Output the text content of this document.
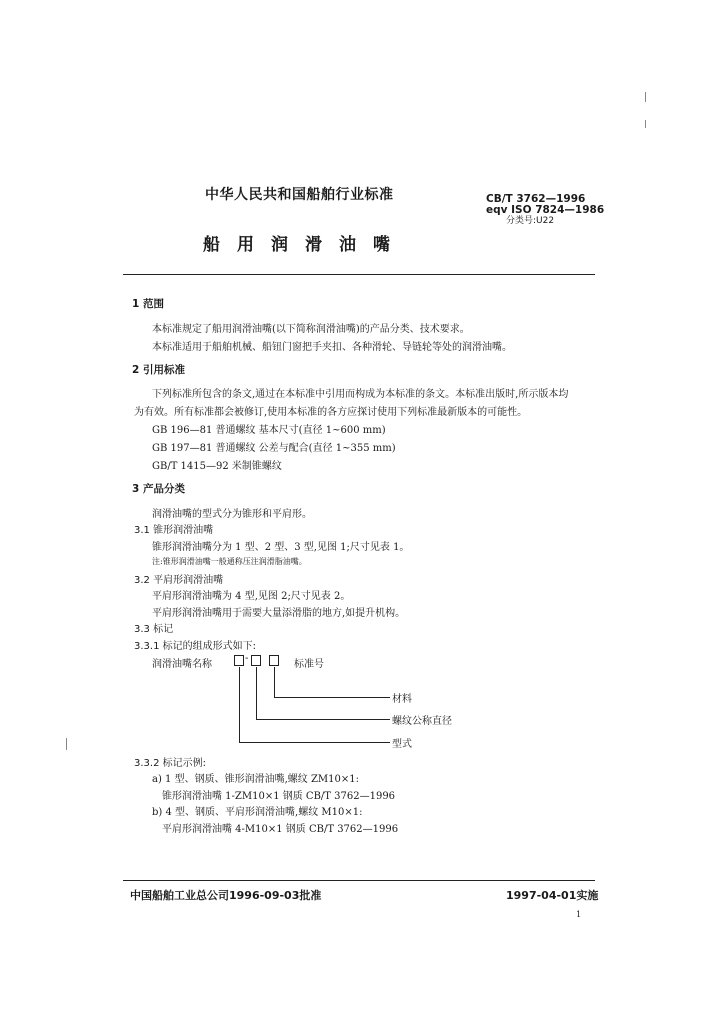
中华人民共和国船舶行业标准
船用润滑油嘴
CB/T 3762—1996
eqv ISO 7824—1986
分类号:U22
1 范围
本标准规定了船用润滑油嘴(以下简称润滑油嘴)的产品分类、技术要求。
本标准适用于船舶机械、船钮门窗把手夹扣、各种滑轮、导链轮等处的润滑油嘴。
2 引用标准
下列标准所包含的条文,通过在本标准中引用而构成为本标准的条文。本标准出版时,所示版本均
为有效。所有标准都会被修订,使用本标准的各方应探讨使用下列标准最新版本的可能性。
GB 196—81 普通螺纹 基本尺寸(直径 1~600 mm)
GB 197—81 普通螺纹 公差与配合(直径 1~355 mm)
GB/T 1415—92 米制锥螺纹
3 产品分类
润滑油嘴的型式分为锥形和平肩形。
3.1 锥形润滑油嘴
锥形润滑油嘴分为 1 型、2 型、3 型,见图 1;尺寸见表 1。
注:锥形润滑油嘴一般通称压注润滑脂油嘴。
3.2 平肩形润滑油嘴
平肩形润滑油嘴为 4 型,见图 2;尺寸见表 2。
平肩形润滑油嘴用于需要大量添滑脂的地方,如提升机构。
3.3 标记
3.3.1 标记的组成形式如下:
润滑油嘴名称
-
标准号
材料
螺纹公称直径
型式
3.3.2 标记示例:
a) 1 型、钢质、锥形润滑油嘴,螺纹 ZM10×1:
锥形润滑油嘴 1-ZM10×1 钢质 CB/T 3762—1996
b) 4 型、钢质、平肩形润滑油嘴,螺纹 M10×1:
平肩形润滑油嘴 4-M10×1 钢质 CB/T 3762—1996
中国船舶工业总公司1996-09-03批准	1997-04-01实施
1
